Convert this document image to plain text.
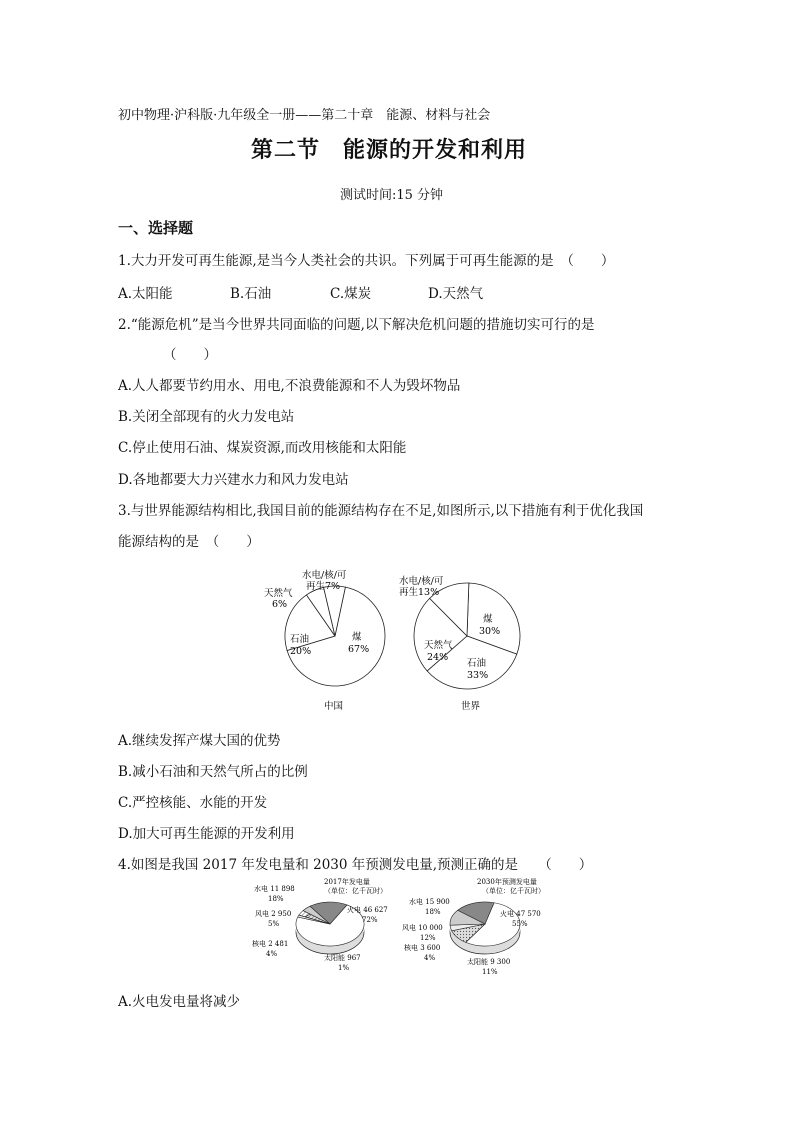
初中物理·沪科版·九年级全一册——第二十章　能源、材料与社会
第二节　能源的开发和利用
测试时间:15 分钟
一、选择题
1.大力开发可再生能源,是当今人类社会的共识。下列属于可再生能源的是　（　　）
A.太阳能	B.石油	C.煤炭	D.天然气
2.“能源危机”是当今世界共同面临的问题,以下解决危机问题的措施切实可行的是
（　　）
A.人人都要节约用水、用电,不浪费能源和不人为毁坏物品
B.关闭全部现有的火力发电站
C.停止使用石油、煤炭资源,而改用核能和太阳能
D.各地都要大力兴建水力和风力发电站
3.与世界能源结构相比,我国目前的能源结构存在不足,如图所示,以下措施有利于优化我国
能源结构的是　（　　）
水电/核/可
再生7%
天然气
6%
石油
20%
煤
67%
中国
水电/核/可
再生13%
煤
30%
天然气
24%
石油
33%
世界
A.继续发挥产煤大国的优势
B.减小石油和天然气所占的比例
C.严控核能、水能的开发
D.加大可再生能源的开发利用
4.如图是我国 2017 年发电量和 2030 年预测发电量,预测正确的是　　（　　）
2017年发电量
（单位：亿千瓦时）
水电 11 898
18%
风电 2 950
5%
核电 2 481
4%
火电 46 627
72%
太阳能 967
1%
2030年预测发电量
（单位：亿千瓦时）
水电 15 900
18%
风电 10 000
12%
核电 3 600
4%
火电 47 570
55%
太阳能 9 300
11%
A.火电发电量将减少
